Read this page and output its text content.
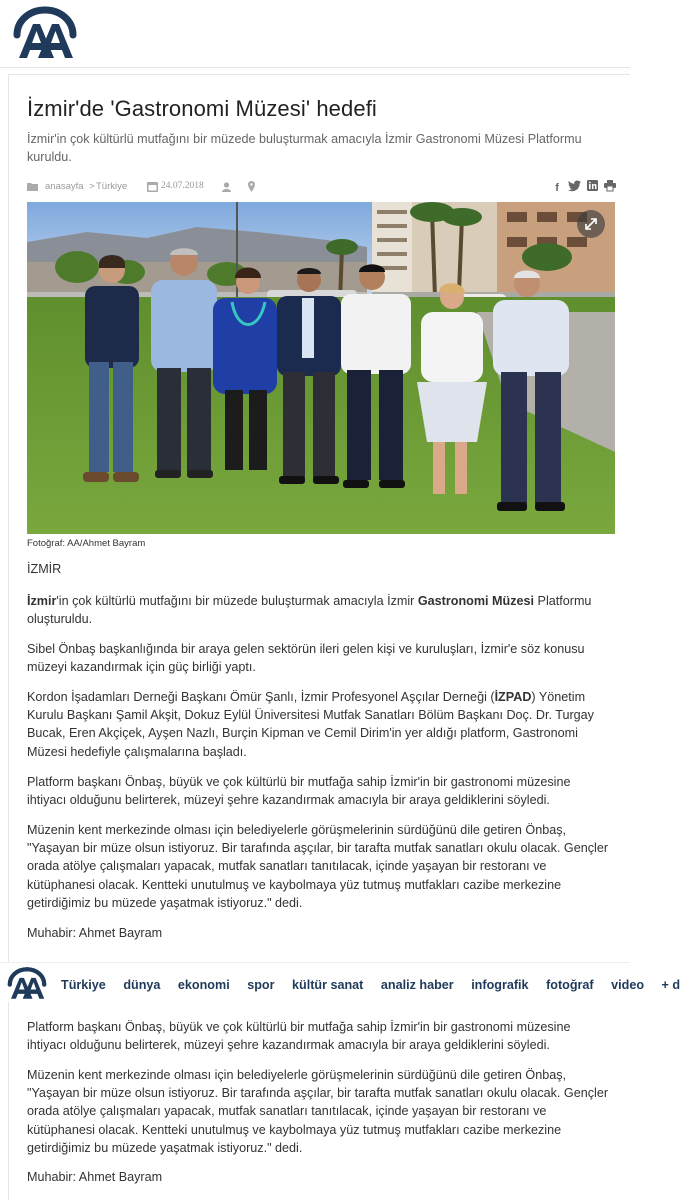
İzmir'de 'Gastronomi Müzesi' hedefi

İzmir'in çok kültürlü mutfağını bir müzede buluşturmak amacıyla İzmir Gastronomi Müzesi Platformu kuruldu.

anasayfa > Türkiye	24.07.2018	f
Fotoğraf: AA/Ahmet Bayram
İZMİR

İzmir'in çok kültürlü mutfağını bir müzede buluşturmak amacıyla İzmir Gastronomi Müzesi Platformu oluşturuldu.

Sibel Önbaş başkanlığında bir araya gelen sektörün ileri gelen kişi ve kuruluşları, İzmir'e söz konusu müzeyi kazandırmak için güç birliği yaptı.

Kordon İşadamları Derneği Başkanı Ömür Şanlı, İzmir Profesyonel Aşçılar Derneği (İZPAD) Yönetim Kurulu Başkanı Şamil Akşit, Dokuz Eylül Üniversitesi Mutfak Sanatları Bölüm Başkanı Doç. Dr. Turgay Bucak, Eren Akçiçek, Ayşen Nazlı, Burçin Kipman ve Cemil Dirim'in yer aldığı platform, Gastronomi Müzesi hedefiyle çalışmalarına başladı.

Platform başkanı Önbaş, büyük ve çok kültürlü bir mutfağa sahip İzmir'in bir gastronomi müzesine ihtiyacı olduğunu belirterek, müzeyi şehre kazandırmak amacıyla bir araya geldiklerini söyledi.

Müzenin kent merkezinde olması için belediyelerle görüşmelerinin sürdüğünü dile getiren Önbaş, "Yaşayan bir müze olsun istiyoruz. Bir tarafında aşçılar, bir tarafta mutfak sanatları okulu olacak. Gençler orada atölye çalışmaları yapacak, mutfak sanatları tanıtılacak, içinde yaşayan bir restoranı ve kütüphanesi olacak. Kentteki unutulmuş ve kaybolmaya yüz tutmuş mutfakları cazibe merkezine getirdiğimiz bu müzede yaşatmak istiyoruz." dedi.

Muhabir: Ahmet Bayram

Türkiye dünya ekonomi spor kültür sanat analiz haber infografik fotoğraf video + d

Platform başkanı Önbaş, büyük ve çok kültürlü bir mutfağa sahip İzmir'in bir gastronomi müzesine ihtiyacı olduğunu belirterek, müzeyi şehre kazandırmak amacıyla bir araya geldiklerini söyledi.

Müzenin kent merkezinde olması için belediyelerle görüşmelerinin sürdüğünü dile getiren Önbaş, "Yaşayan bir müze olsun istiyoruz. Bir tarafında aşçılar, bir tarafta mutfak sanatları okulu olacak. Gençler orada atölye çalışmaları yapacak, mutfak sanatları tanıtılacak, içinde yaşayan bir restoranı ve kütüphanesi olacak. Kentteki unutulmuş ve kaybolmaya yüz tutmuş mutfakları cazibe merkezine getirdiğimiz bu müzede yaşatmak istiyoruz." dedi.

Muhabir: Ahmet Bayram
